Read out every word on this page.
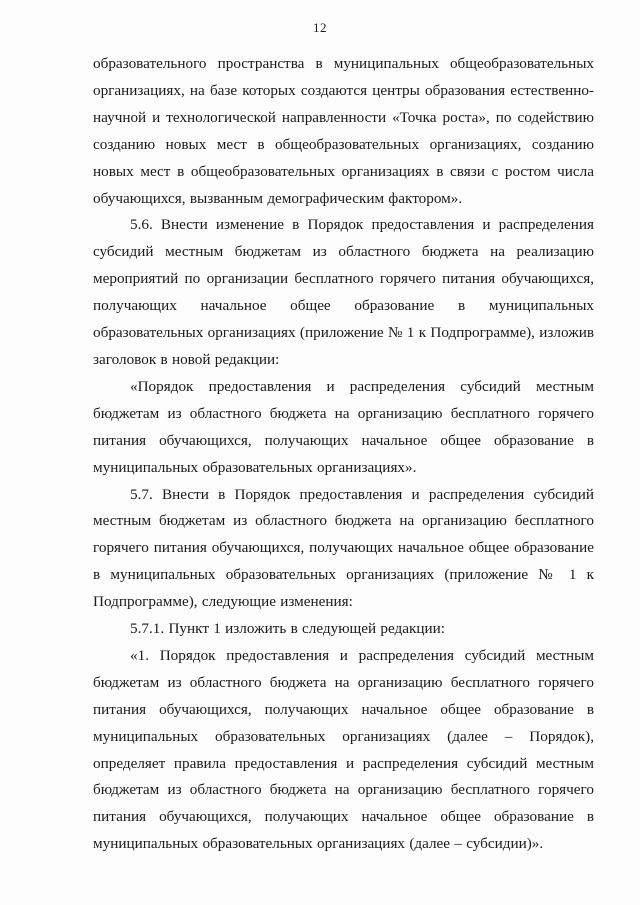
12

образовательного пространства в муниципальных общеобразовательных организациях, на базе которых создаются центры образования естественно-научной и технологической направленности «Точка роста», по содействию созданию новых мест в общеобразовательных организациях, созданию новых мест в общеобразовательных организациях в связи с ростом числа обучающихся, вызванным демографическим фактором».

5.6. Внести изменение в Порядок предоставления и распределения субсидий местным бюджетам из областного бюджета на реализацию мероприятий по организации бесплатного горячего питания обучающихся, получающих начальное общее образование в муниципальных образовательных организациях (приложение № 1 к Подпрограмме), изложив заголовок в новой редакции:

«Порядок предоставления и распределения субсидий местным бюджетам из областного бюджета на организацию бесплатного горячего питания обучающихся, получающих начальное общее образование в муниципальных образовательных организациях».

5.7. Внести в Порядок предоставления и распределения субсидий местным бюджетам из областного бюджета на организацию бесплатного горячего питания обучающихся, получающих начальное общее образование в муниципальных образовательных организациях (приложение № 1 к Подпрограмме), следующие изменения:

5.7.1. Пункт 1 изложить в следующей редакции:

«1. Порядок предоставления и распределения субсидий местным бюджетам из областного бюджета на организацию бесплатного горячего питания обучающихся, получающих начальное общее образование в муниципальных образовательных организациях (далее – Порядок), определяет правила предоставления и распределения субсидий местным бюджетам из областного бюджета на организацию бесплатного горячего питания обучающихся, получающих начальное общее образование в муниципальных образовательных организациях (далее – субсидии)».
